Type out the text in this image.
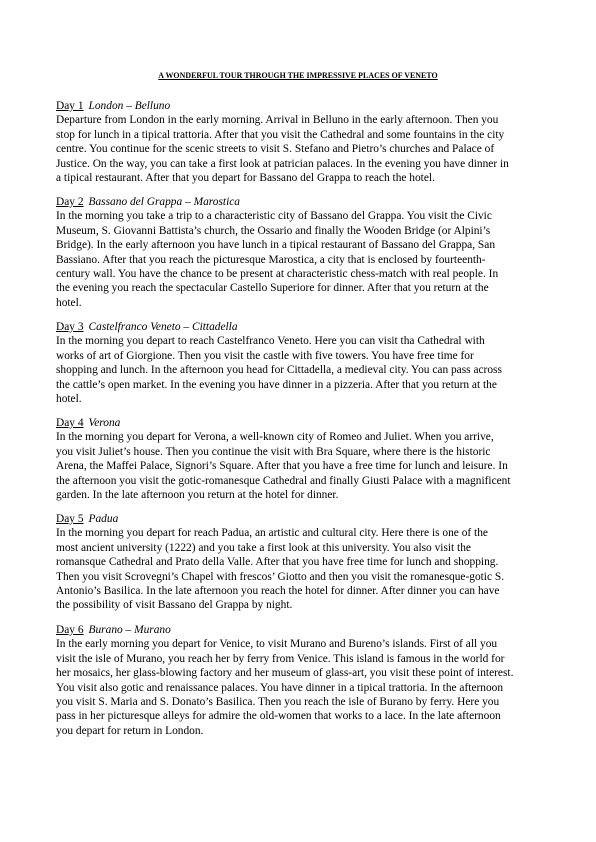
A WONDERFUL TOUR THROUGH THE IMPRESSIVE PLACES OF VENETO
Day 1 London – Belluno
Departure from London in the early morning. Arrival in Belluno in the early afternoon. Then you
stop for lunch in a tipical trattoria. After that you visit the Cathedral and some fountains in the city
centre. You continue for the scenic streets to visit S. Stefano and Pietro’s churches and Palace of
Justice. On the way, you can take a first look at patrician palaces. In the evening you have dinner in
a tipical restaurant. After that you depart for Bassano del Grappa to reach the hotel.
Day 2 Bassano del Grappa – Marostica
In the morning you take a trip to a characteristic city of Bassano del Grappa. You visit the Civic
Museum, S. Giovanni Battista’s church, the Ossario and finally the Wooden Bridge (or Alpini’s
Bridge). In the early afternoon you have lunch in a tipical restaurant of Bassano del Grappa, San
Bassiano. After that you reach the picturesque Marostica, a city that is enclosed by fourteenth-
century wall. You have the chance to be present at characteristic chess-match with real people. In
the evening you reach the spectacular Castello Superiore for dinner. After that you return at the
hotel.
Day 3 Castelfranco Veneto – Cittadella
In the morning you depart to reach Castelfranco Veneto. Here you can visit tha Cathedral with
works of art of Giorgione. Then you visit the castle with five towers. You have free time for
shopping and lunch. In the afternoon you head for Cittadella, a medieval city. You can pass across
the cattle’s open market. In the evening you have dinner in a pizzeria. After that you return at the
hotel.
Day 4 Verona
In the morning you depart for Verona, a well-known city of Romeo and Juliet. When you arrive,
you visit Juliet’s house. Then you continue the visit with Bra Square, where there is the historic
Arena, the Maffei Palace, Signori’s Square. After that you have a free time for lunch and leisure. In
the afternoon you visit the gotic-romanesque Cathedral and finally Giusti Palace with a magnificent
garden. In the late afternoon you return at the hotel for dinner.
Day 5 Padua
In the morning you depart for reach Padua, an artistic and cultural city. Here there is one of the
most ancient university (1222) and you take a first look at this university. You also visit the
romansque Cathedral and Prato della Valle. After that you have free time for lunch and shopping.
Then you visit Scrovegni’s Chapel with frescos’ Giotto and then you visit the romanesque-gotic S.
Antonio’s Basilica. In the late afternoon you reach the hotel for dinner. After dinner you can have
the possibility of visit Bassano del Grappa by night.
Day 6 Burano – Murano
In the early morning you depart for Venice, to visit Murano and Bureno’s islands. First of all you
visit the isle of Murano, you reach her by ferry from Venice. This island is famous in the world for
her mosaics, her glass-blowing factory and her museum of glass-art, you visit these point of interest.
You visit also gotic and renaissance palaces. You have dinner in a tipical trattoria. In the afternoon
you visit S. Maria and S. Donato’s Basilica. Then you reach the isle of Burano by ferry. Here you
pass in her picturesque alleys for admire the old-women that works to a lace. In the late afternoon
you depart for return in London.
